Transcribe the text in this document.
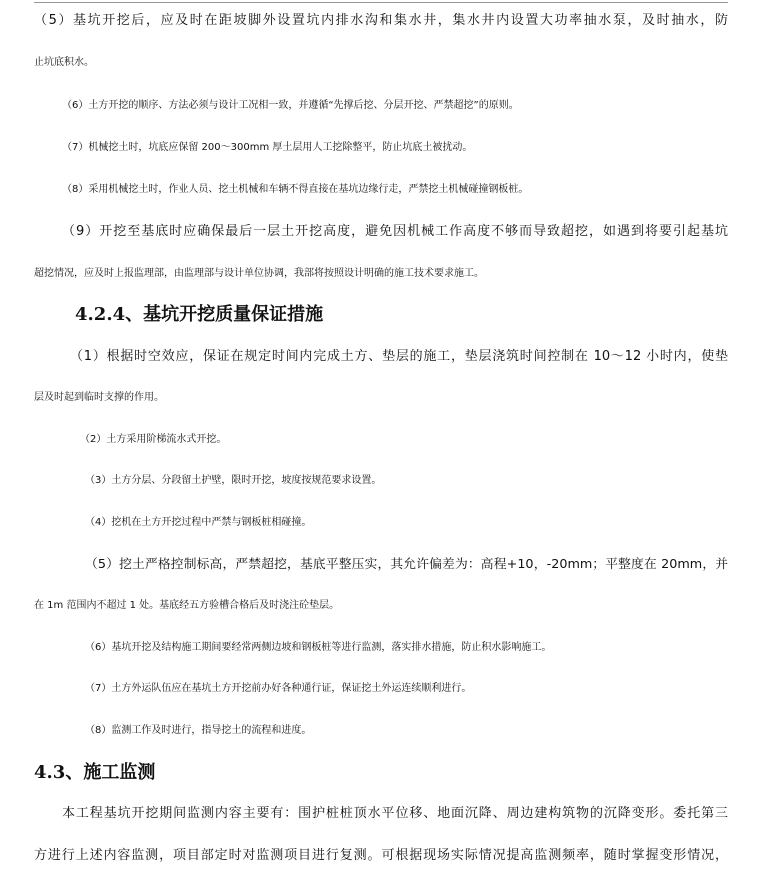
（5）基坑开挖后，应及时在距坡脚外设置坑内排水沟和集水井，集水井内设置大功率抽水泵，及时抽水，防
止坑底积水。
（6）土方开挖的顺序、方法必须与设计工况相一致，并遵循“先撑后挖、分层开挖、严禁超挖”的原则。
（7）机械挖土时，坑底应保留 200～300mm 厚土层用人工挖除整平，防止坑底土被扰动。
（8）采用机械挖土时，作业人员、挖土机械和车辆不得直接在基坑边缘行走，严禁挖土机械碰撞钢板桩。
（9）开挖至基底时应确保最后一层土开挖高度，避免因机械工作高度不够而导致超挖，如遇到将要引起基坑
超挖情况，应及时上报监理部，由监理部与设计单位协调，我部将按照设计明确的施工技术要求施工。
4.2.4、基坑开挖质量保证措施
（1）根据时空效应，保证在规定时间内完成土方、垫层的施工，垫层浇筑时间控制在 10～12 小时内，使垫
层及时起到临时支撑的作用。
（2）土方采用阶梯流水式开挖。
（3）土方分层、分段留土护壁，限时开挖，坡度按规范要求设置。
（4）挖机在土方开挖过程中严禁与钢板桩相碰撞。
（5）挖土严格控制标高，严禁超挖，基底平整压实，其允许偏差为：高程+10，-20mm；平整度在 20mm，并
在 1m 范围内不超过 1 处。基底经五方验槽合格后及时浇注砼垫层。
（6）基坑开挖及结构施工期间要经常两侧边坡和钢板桩等进行监测，落实排水措施，防止积水影响施工。
（7）土方外运队伍应在基坑土方开挖前办好各种通行证，保证挖土外运连续顺利进行。
（8）监测工作及时进行，指导挖土的流程和进度。
4.3、施工监测
本工程基坑开挖期间监测内容主要有：围护桩桩顶水平位移、地面沉降、周边建构筑物的沉降变形。委托第三
方进行上述内容监测，项目部定时对监测项目进行复测。可根据现场实际情况提高监测频率，随时掌握变形情况，
